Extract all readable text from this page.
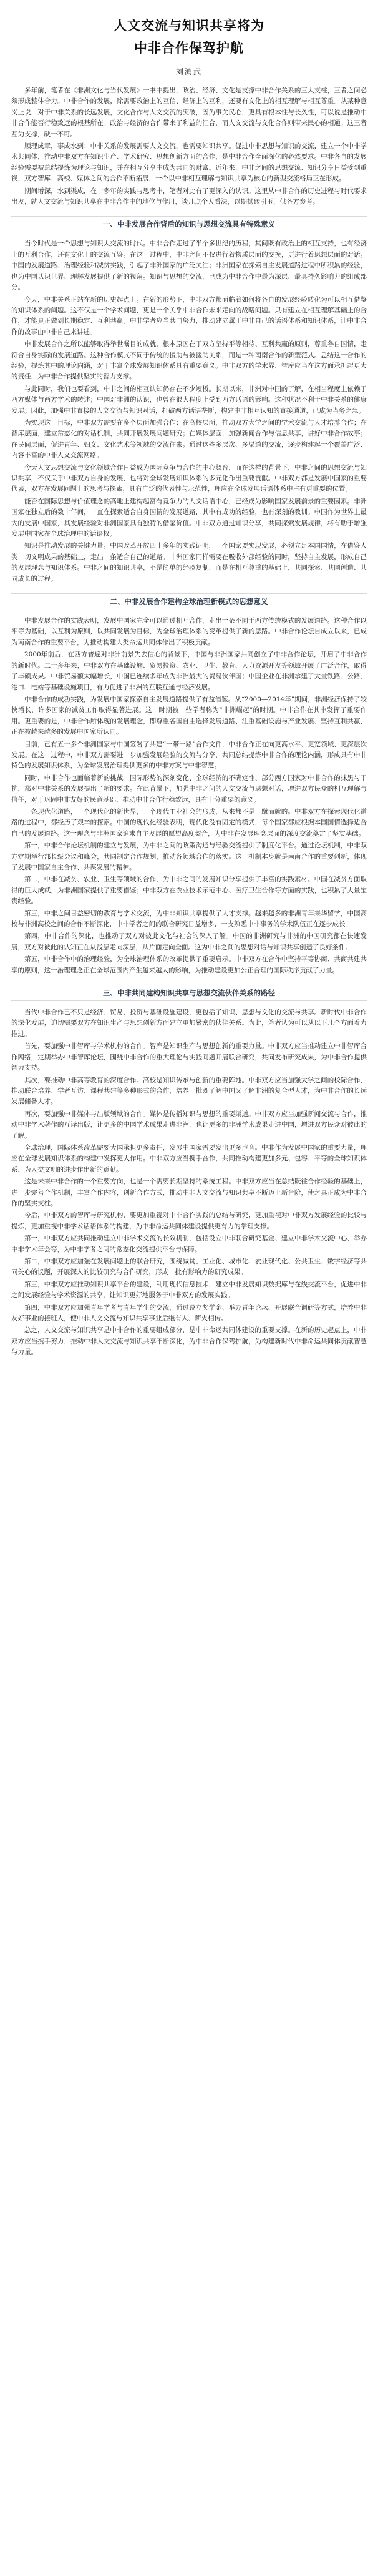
人文交流与知识共享将为
中非合作保驾护航
刘鸿武

多年前，笔者在《非洲文化与当代发展》一书中提出，政治、经济、文化是支撑中非合作关系的三大支柱，三者之间必须形成整体合力。中非合作的发展，除需要政治上的互信、经济上的互利，还要有文化上的相互理解与相互尊重。从某种意义上说，对于中非关系的长远发展，文化合作与人文交流的突破，因为事关民心，更具有根本性与长久性，可以说是推动中非合作能否行稳致远的根基所在。政治与经济的合作带来了利益的汇合，而人文交流与文化合作则带来民心的相通。这三者互为支撑，缺一不可。

顺理成章，事成水到；中非关系的发展需要人文交流，也需要知识共享。促进中非思想与知识的交流，建立一个中非学术共同体，推动中非双方在知识生产、学术研究、思想创新方面的合作，是中非合作全面深化的必然要求。中非各自的发展经验需要被总结提炼为理论与知识，并在相互分享中成为共同的财富。近年来，中非之间的思想交流、知识分享日益受到重视，双方智库、高校、媒体之间的合作不断拓展，一个以中非相互理解与知识共享为核心的新型交流格局正在形成。

期间增深，水到渠成，在十多年的实践与思考中，笔者对此有了更深入的认识。这里从中非合作的历史进程与时代要求出发，就人文交流与知识共享在中非合作中的地位与作用，谈几点个人看法，以期抛砖引玉，供各方参考。

一、中非发展合作背后的知识与思想交流具有特殊意义

当今时代是一个思想与知识大交流的时代。中非合作走过了半个多世纪的历程，其间既有政治上的相互支持，也有经济上的互利合作，还有文化上的交流互鉴。在这一过程中，中非之间不仅进行着物质层面的交换，更进行着思想层面的对话。中国的发展道路、治理经验和减贫实践，引起了非洲国家的广泛关注；非洲国家在探索自主发展道路过程中所积累的经验，也为中国认识世界、理解发展提供了新的视角。知识与思想的交流，已成为中非合作中最为深层、最具持久影响力的组成部分。

今天，中非关系正站在新的历史起点上。在新的形势下，中非双方都面临着如何将各自的发展经验转化为可以相互借鉴的知识体系的问题。这不仅是一个学术问题，更是一个关乎中非合作未来走向的战略问题。只有建立在相互理解基础上的合作，才能真正做到长期稳定、互利共赢。中非学者应当共同努力，推动建立属于中非自己的话语体系和知识体系，让中非合作的故事由中非自己来讲述。

中非发展合作之所以能够取得举世瞩目的成就，根本原因在于双方坚持平等相待、互利共赢的原则，尊重各自国情，走符合自身实际的发展道路。这种合作模式不同于传统的援助与被援助关系，而是一种南南合作的新型范式。总结这一合作的经验，提炼其中的理论内涵，对于丰富全球发展知识体系具有重要意义。中非双方的学术界、智库应当在这方面承担起更大的责任，为中非合作提供坚实的智力支撑。

与此同时，我们也要看到，中非之间的相互认知仍存在不少短板。长期以来，非洲对中国的了解，在相当程度上依赖于西方媒体与西方学术的转述；中国对非洲的认识，也曾在很大程度上受到西方话语的影响。这种状况不利于中非关系的健康发展。因此，加强中非直接的人文交流与知识对话，打破西方话语垄断，构建中非相互认知的直接通道，已成为当务之急。

为实现这一目标，中非双方需要在多个层面加强合作：在高校层面，推动双方大学之间的学术交流与人才培养合作；在智库层面，建立常态化的对话机制，共同开展发展问题研究；在媒体层面，加强新闻合作与信息共享，讲好中非合作故事；在民间层面，促进青年、妇女、文化艺术等领域的交流往来。通过这些多层次、多渠道的交流，逐步构建起一个覆盖广泛、内容丰富的中非人文交流网络。

今天人文思想交流与文化领域合作日益成为国际竞争与合作的中心舞台，而在这样的背景下，中非之间的思想交流与知识共享，不仅关乎中非双方自身的发展，也将对全球发展知识体系的多元化作出重要贡献。中非双方都是发展中国家的重要代表，双方在发展问题上的思考与探索，具有广泛的代表性与示范性，理应在全球发展话语体系中占有更重要的位置。

能否在国际思想与价值理念的高地上建构起富有竞争力的人文话语中心，已经成为影响国家发展前景的重要因素。非洲国家在独立后的数十年间，一直在探索适合自身国情的发展道路，其中有成功的经验，也有深刻的教训。中国作为世界上最大的发展中国家，其发展经验对非洲国家具有独特的借鉴价值。中非双方通过知识分享，共同探索发展规律，将有助于增强发展中国家在全球治理中的话语权。

知识是推动发展的关键力量。中国改革开放四十多年的实践证明，一个国家要实现发展，必须立足本国国情，在借鉴人类一切文明成果的基础上，走出一条适合自己的道路。非洲国家同样需要在吸收外部经验的同时，坚持自主发展，形成自己的发展理念与知识体系。中非之间的知识共享，不是简单的经验复制，而是在相互尊重的基础上，共同探索、共同创造、共同成长的过程。

二、中非发展合作建构全球治理新模式的思想意义

中非发展合作的实践表明，发展中国家完全可以通过相互合作，走出一条不同于西方传统模式的发展道路。这种合作以平等为基础，以互利为原则，以共同发展为目标，为全球治理体系的变革提供了新的思路。中非合作论坛自成立以来，已成为南南合作的重要平台，为推动构建人类命运共同体作出了积极贡献。

2000年前后，在西方普遍对非洲前景失去信心的背景下，中国与非洲国家共同创立了中非合作论坛，开启了中非合作的新时代。二十多年来，中非双方在基础设施、贸易投资、农业、卫生、教育、人力资源开发等领域开展了广泛合作，取得了丰硕成果。中非贸易额大幅增长，中国已连续多年成为非洲最大的贸易伙伴国；中国企业在非洲承建了大量铁路、公路、港口、电站等基础设施项目，有力促进了非洲的互联互通与经济发展。

中非合作的成功实践，为发展中国家探索自主发展道路提供了有益借鉴。从“2000—2014年”期间，非洲经济保持了较快增长，许多国家的减贫工作取得显著进展。这一时期被一些学者称为“非洲崛起”的时期。中非合作在其中发挥了重要作用。更重要的是，中非合作所体现的发展理念，即尊重各国自主选择发展道路、注重基础设施与产业发展、坚持互利共赢，正在被越来越多的发展中国家所认同。

目前，已有五十多个非洲国家与中国签署了共建“一带一路”合作文件，中非合作正在向更高水平、更宽领域、更深层次发展。在这一过程中，中非双方需要进一步加强发展经验的交流与分享，共同总结提炼中非合作的理论内涵，形成具有中非特色的发展知识体系，为全球发展治理提供更多的中非方案与中非智慧。

同时，中非合作也面临着新的挑战。国际形势的深刻变化、全球经济的不确定性、部分西方国家对中非合作的抹黑与干扰，都对中非关系的发展提出了新的要求。在此背景下，加强中非之间的人文交流与思想对话，增进双方民众的相互理解与信任，对于巩固中非友好的民意基础、推动中非合作行稳致远，具有十分重要的意义。

一条现代化道路，一个现代化的新世界，一个现代工业社会的形成，从来都不是一蹴而就的。中非双方在探索现代化道路的过程中，都经历了艰辛的探索。中国的现代化经验表明，现代化没有固定的模式，每个国家都应根据本国国情选择适合自己的发展道路。这一理念与非洲国家追求自主发展的愿望高度契合，为中非在发展理念层面的深度交流奠定了坚实基础。

第一，中非合作论坛机制的建立与发展，为中非之间的政策沟通与经验交流提供了制度化平台。通过论坛机制，中非双方定期举行部长级会议和峰会，共同制定合作规划，推动各领域合作的落实。这一机制本身就是南南合作的重要创新，体现了发展中国家自主合作、共谋发展的精神。

第二，中非在减贫、农业、卫生等领域的合作，为中非之间的发展知识分享提供了丰富的实践素材。中国在减贫方面取得的巨大成就，为非洲国家提供了重要借鉴；中非双方在农业技术示范中心、医疗卫生合作等方面的实践，也积累了大量宝贵经验。

第三，中非之间日益密切的教育与学术交流，为中非知识共享提供了人才支撑。越来越多的非洲青年来华留学，中国高校与非洲高校之间的合作不断深化，中非学者之间的联合研究日益增多，一支熟悉中非事务的学术队伍正在逐步成长。

第四，中非合作的深化，也推动了双方对彼此文化与社会的深入了解。中国的非洲研究与非洲的中国研究都在快速发展，双方对彼此的认知正在从浅层走向深层，从片面走向全面。这为中非之间的思想对话与知识共享创造了良好条件。

第五，中非合作中的治理经验，为全球治理体系的改革提供了重要启示。中非双方在合作中坚持平等协商、共商共建共享的原则，这一治理理念正在全球范围内产生越来越大的影响，为推动建设更加公正合理的国际秩序贡献了力量。

三、中非共同建构知识共享与思想交流伙伴关系的路径

当代中非合作已不只是经济、贸易、投资与基础设施建设，更包括了知识、思想与文化的交流与共享。新时代中非合作的深化发展，迫切需要双方在知识生产与思想创新方面建立更加紧密的伙伴关系。为此，笔者认为可以从以下几个方面着力推进。

首先，要加强中非智库与学术机构的合作。智库是知识生产与思想创新的重要力量。中非双方应当推动建立中非智库合作网络，定期举办中非智库论坛，围绕中非合作的重大理论与实践问题开展联合研究，共同发布研究成果，为中非合作提供智力支持。

其次，要推动中非高等教育的深度合作。高校是知识传承与创新的重要阵地。中非双方应当加强大学之间的校际合作，推动联合培养、学者互访、课程共建等多种形式的合作，培养一批既了解中国又了解非洲的复合型人才，为中非合作的长远发展储备人才。

再次，要加强中非媒体与出版领域的合作。媒体是传播知识与思想的重要渠道。中非双方应当加强新闻交流与合作，推动中非学术著作的互译出版，让更多的中国学术成果走进非洲，也让更多的非洲学术成果走进中国，增进双方民众对彼此的了解。

全球治理，国际体系改革需要大国承担更多责任，发展中国家需要发出更多声音。中非作为发展中国家的重要力量，理应在全球发展知识体系的构建中发挥更大作用。中非双方应当携手合作，共同推动构建更加多元、包容、平等的全球知识体系，为人类文明的进步作出新的贡献。

这是未来中非合作的一个重要方向，也是一个需要长期坚持的系统工程。中非双方应当在总结既往合作经验的基础上，进一步完善合作机制，丰富合作内容，创新合作方式，推动中非人文交流与知识共享不断迈上新台阶，使之真正成为中非合作的坚实支柱。

今后，中非双方的智库与研究机构，要更加重视对中非合作实践的总结与研究，更加重视对中非双方发展经验的比较与提炼，更加重视中非学术话语体系的构建，为中非命运共同体建设提供更有力的学理支撑。

第一，中非双方应共同推动建立中非学术交流的长效机制，包括设立中非联合研究基金、建立中非学术交流中心、举办中非学术年会等，为中非学者之间的常态化交流提供平台与保障。

第二，中非双方应加强在发展问题上的联合研究，围绕减贫、工业化、城市化、农业现代化、公共卫生、数字经济等共同关心的议题，开展深入的比较研究与合作研究，形成一批有影响力的研究成果。

第三，中非双方应推动知识共享平台的建设，利用现代信息技术，建立中非发展知识数据库与在线交流平台，促进中非之间发展经验与学术资源的共享，让知识更好地服务于中非双方的发展实践。

第四，中非双方应加强青年学者与青年学生的交流，通过设立奖学金、举办青年论坛、开展联合调研等方式，培养中非友好事业的接班人，使中非人文交流与知识共享事业后继有人、薪火相传。

总之，人文交流与知识共享是中非合作的重要组成部分，是中非命运共同体建设的重要支撑。在新的历史起点上，中非双方应当携手努力，推动中非人文交流与知识共享不断深化，为中非合作保驾护航，为构建新时代中非命运共同体贡献智慧与力量。
